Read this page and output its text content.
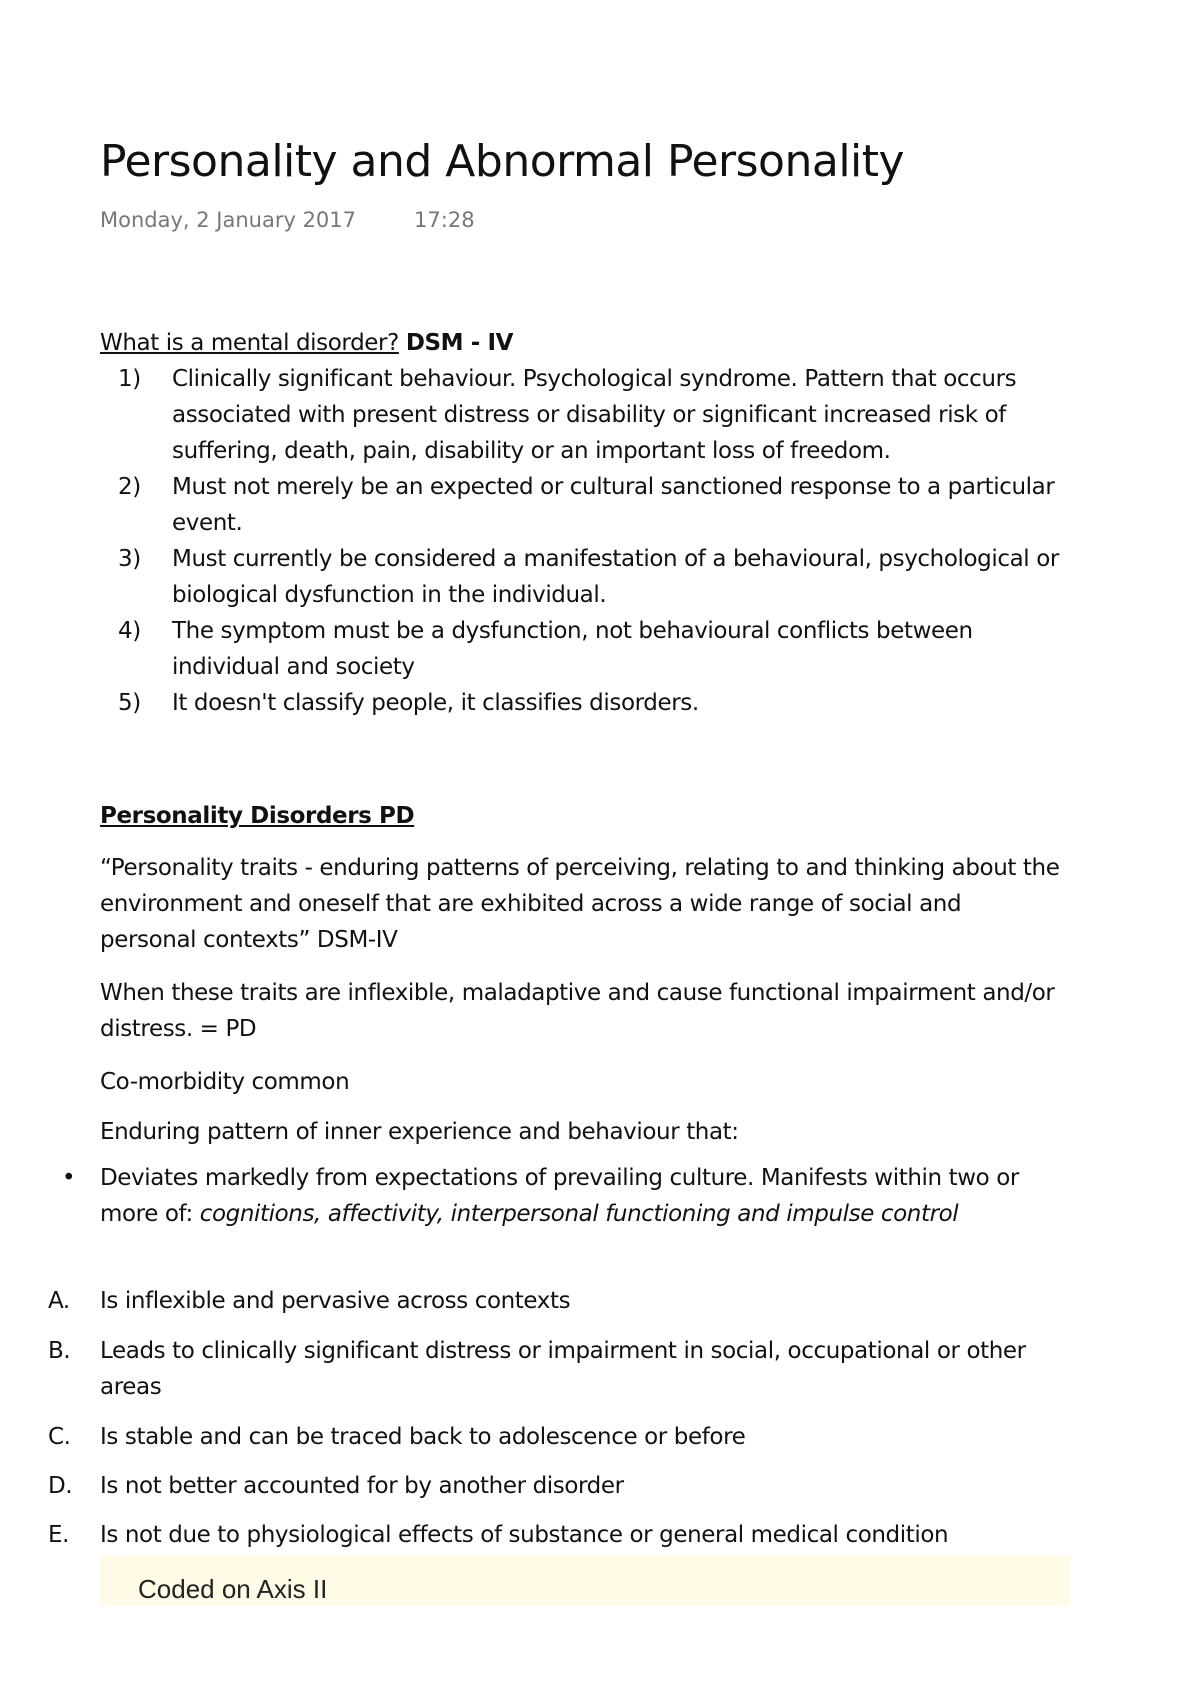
Personality and Abnormal Personality
Monday, 2 January 2017	17:28
What is a mental disorder? DSM - IV
1) Clinically significant behaviour. Psychological syndrome. Pattern that occurs associated with present distress or disability or significant increased risk of suffering, death, pain, disability or an important loss of freedom.
2) Must not merely be an expected or cultural sanctioned response to a particular event.
3) Must currently be considered a manifestation of a behavioural, psychological or biological dysfunction in the individual.
4) The symptom must be a dysfunction, not behavioural conflicts between individual and society
5) It doesn't classify people, it classifies disorders.
Personality Disorders PD
“Personality traits - enduring patterns of perceiving, relating to and thinking about the environment and oneself that are exhibited across a wide range of social and personal contexts” DSM-IV
When these traits are inflexible, maladaptive and cause functional impairment and/or distress. = PD
Co-morbidity common
Enduring pattern of inner experience and behaviour that:
• Deviates markedly from expectations of prevailing culture. Manifests within two or more of: cognitions, affectivity, interpersonal functioning and impulse control
A. Is inflexible and pervasive across contexts
B. Leads to clinically significant distress or impairment in social, occupational or other areas
C. Is stable and can be traced back to adolescence or before
D. Is not better accounted for by another disorder
E. Is not due to physiological effects of substance or general medical condition
Coded on Axis II
